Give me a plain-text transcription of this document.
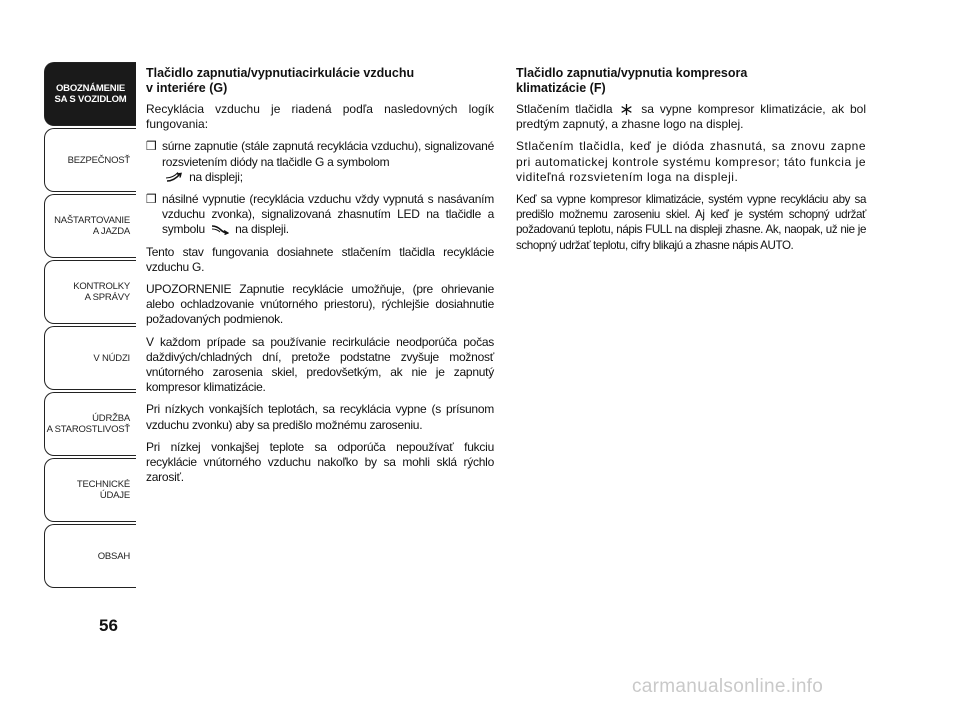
OBOZNÁMENIE
SA S VOZIDLOM
BEZPEČNOSŤ
NAŠTARTOVANIE
A JAZDA
KONTROLKY
A SPRÁVY
V NÚDZI
ÚDRŽBA
A STAROSTLIVOSŤ
TECHNICKÉ
ÚDAJE
OBSAH
56
Tlačidlo zapnutia/vypnutiacirkulácie vzduchu
v interiére (G)

Recyklácia vzduchu je riadená podľa nasledovných logík fungovania:

❒ súrne zapnutie (stále zapnutá recyklácia vzduchu), signalizované rozsvietením diódy na tlačidle G a symbolom
na displeji;
❒ násilné vypnutie (recyklácia vzduchu vždy vypnutá s nasávaním vzduchu zvonka), signalizovaná zhasnutím LED na tlačidle a symbolu	na displeji.

Tento stav fungovania dosiahnete stlačením tlačidla recyklácie vzduchu G.

UPOZORNENIE Zapnutie recyklácie umožňuje, (pre ohrievanie alebo ochladzovanie vnútorného priestoru), rýchlejšie dosiahnutie požadovaných podmienok.

V každom prípade sa používanie recirkulácie neodporúča počas daždivých/chladných dní, pretože podstatne zvyšuje možnosť vnútorného zarosenia skiel, predovšetkým, ak nie je zapnutý kompresor klimatizácie.

Pri nízkych vonkajších teplotách, sa recyklácia vypne (s prísunom vzduchu zvonku) aby sa predišlo možnému zaroseniu.

Pri nízkej vonkajšej teplote sa odporúča nepoužívať fukciu recyklácie vnútorného vzduchu nakoľko by sa mohli sklá rýchlo zarosiť.

Tlačidlo zapnutia/vypnutia kompresora
klimatizácie (F)

Stlačením tlačidla sa vypne kompresor klimatizácie, ak bol predtým zapnutý, a zhasne logo na displej.

Stlačením tlačidla, keď je dióda zhasnutá, sa znovu zapne pri automatickej kontrole systému kompresor; táto funkcia je viditeľná rozsvietením loga na displeji.

Keď sa vypne kompresor klimatizácie, systém vypne recykláciu aby sa predišlo možnemu zaroseniu skiel. Aj keď je systém schopný udržať požadovanú teplotu, nápis FULL na displeji zhasne. Ak, naopak, už nie je schopný udržať teplotu, cifry blikajú a zhasne nápis AUTO.

carmanualsonline.info
